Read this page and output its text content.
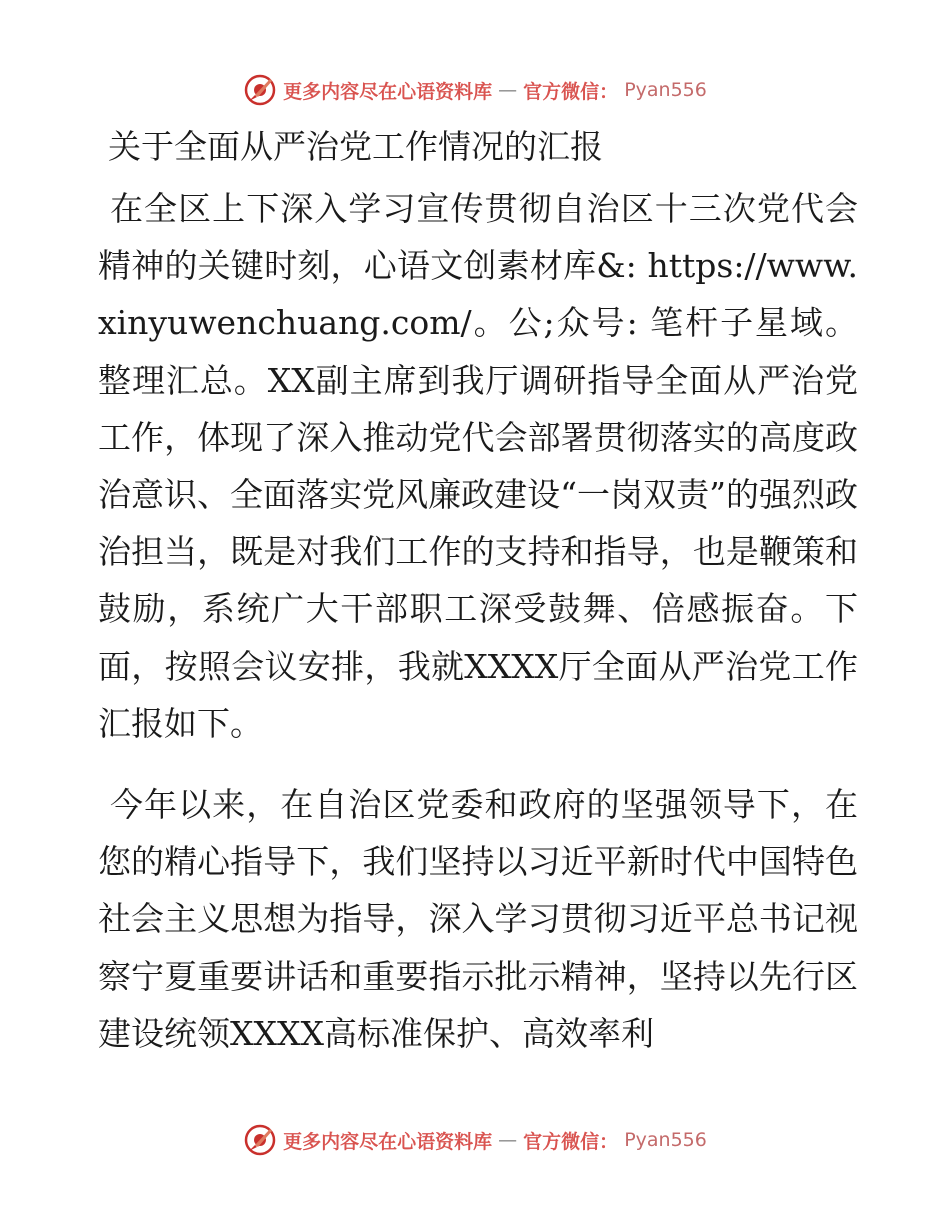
更多内容尽在心语资料库 — 官方微信： Pyan556
关于全面从严治党工作情况的汇报

在全区上下深入学习宣传贯彻自治区十三次党代会精神的关键时刻，心语文创素材库&: https://www.xinyuwenchuang.com/。公;众号: 笔杆子星域。整理汇总。XX副主席到我厅调研指导全面从严治党工作，体现了深入推动党代会部署贯彻落实的高度政治意识、全面落实党风廉政建设“一岗双责”的强烈政治担当，既是对我们工作的支持和指导，也是鞭策和鼓励，系统广大干部职工深受鼓舞、倍感振奋。下面，按照会议安排，我就XXXX厅全面从严治党工作汇报如下。

今年以来，在自治区党委和政府的坚强领导下，在您的精心指导下，我们坚持以习近平新时代中国特色社会主义思想为指导，深入学习贯彻习近平总书记视察宁夏重要讲话和重要指示批示精神，坚持以先行区建设统领XXXX高标准保护、高效率利

更多内容尽在心语资料库 — 官方微信： Pyan556
